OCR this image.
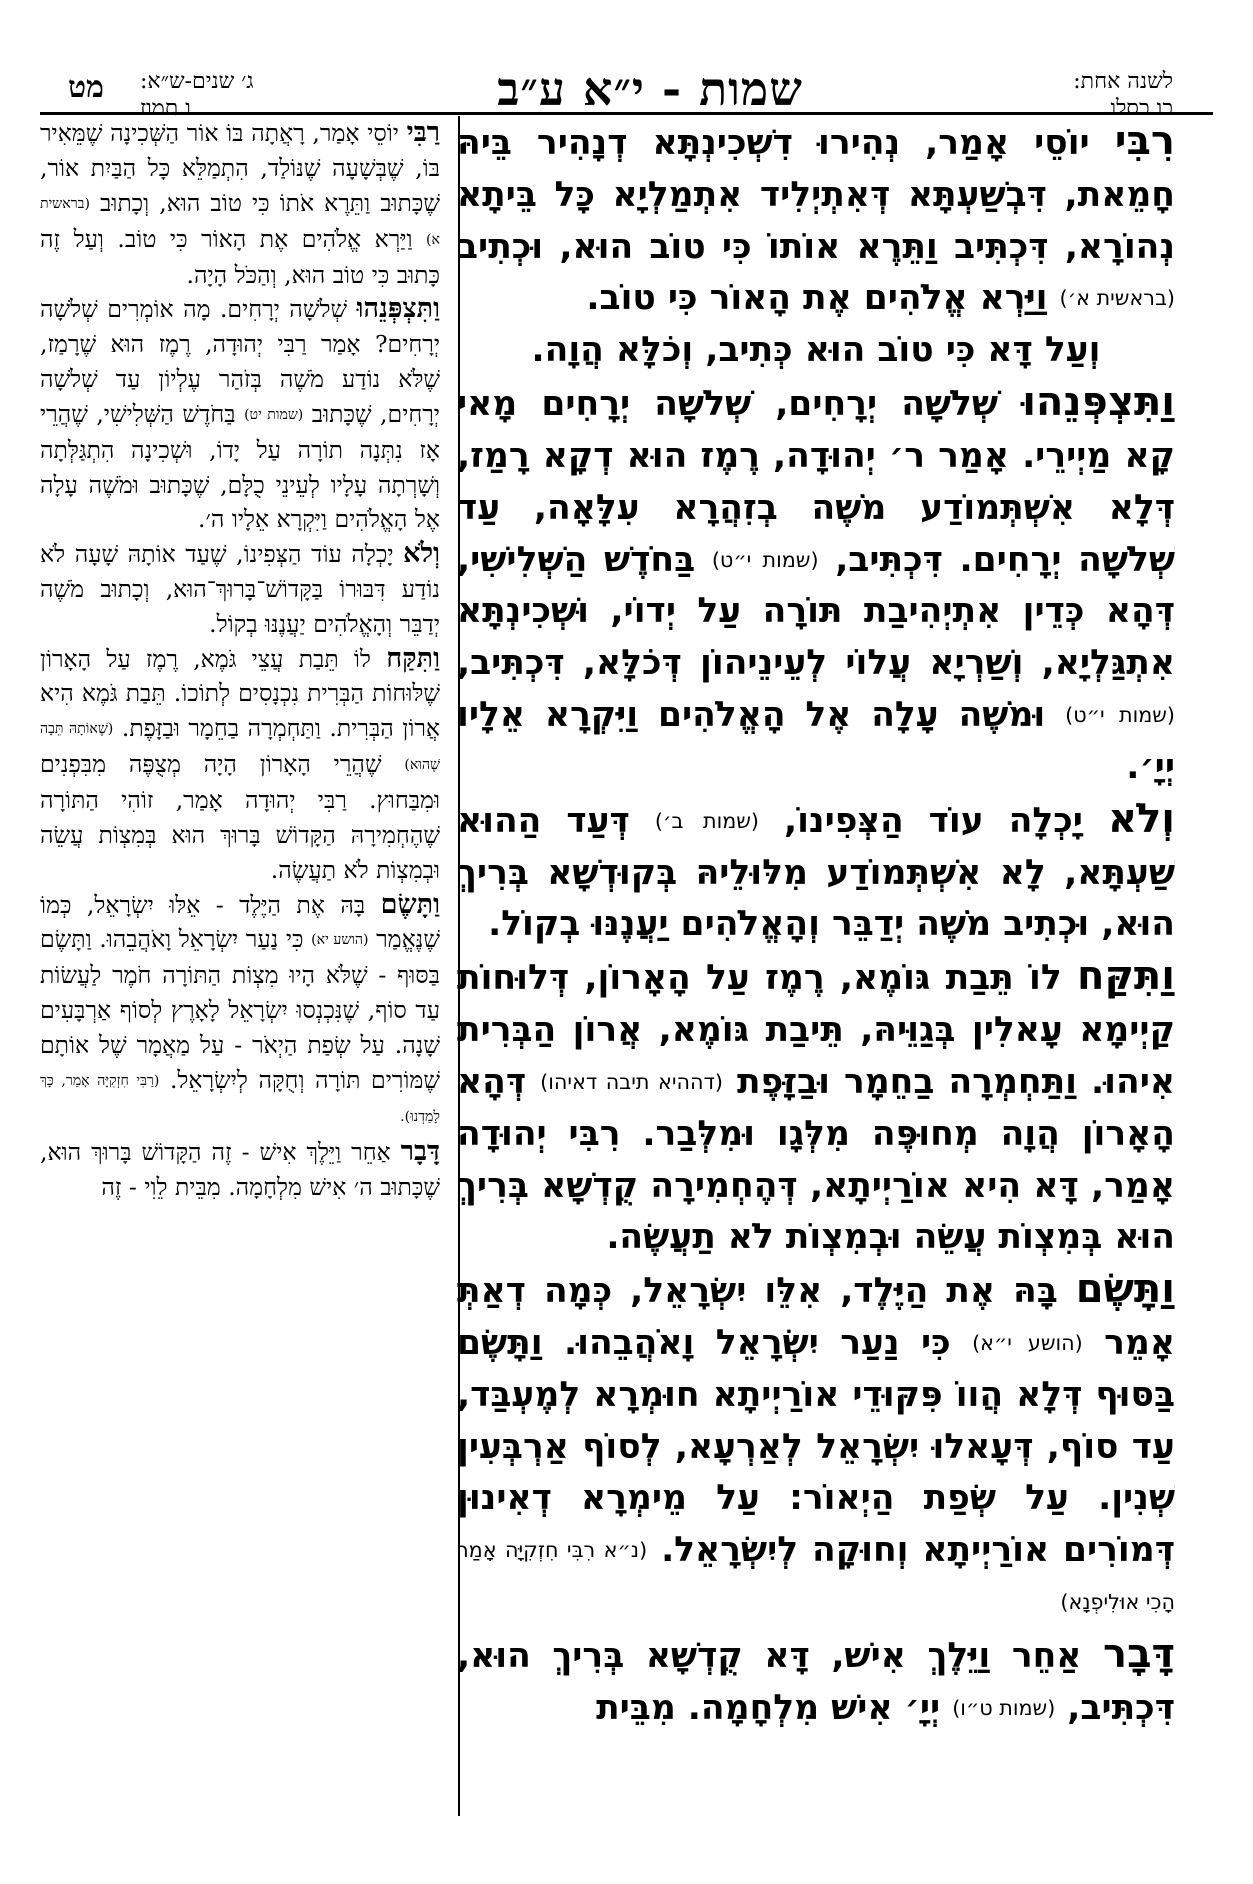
מט	ג׳ שנים-ש״א:
ו תמוז	שמות - י״א ע״ב	לשנה אחת:
כו כסלו

רִבִּי יוֹסֵי אָמַר, נְהִירוּ דִשְׁכִינְתָּא דְנָהִיר בֵּיהּ חָמֵאת, דִּבְשַׁעְתָּא דְּאִתְיְלִיד אִתְמַלְיָא כָּל בֵּיתָא נְהוֹרָא, דִּכְתִּיב וַתֵּרֶא אוֹתוֹ כִּי טוֹב הוּא, וּכְתִיב (בראשית א׳) וַיַּרְא אֱלֹהִים אֶת הָאוֹר כִּי טוֹב.

וְעַל דָּא כִּי טוֹב הוּא כְּתִיב, וְכֹלָּא הֲוָה.

וַתִּצְפְּנֵהוּ שְׁלֹשָׁה יְרָחִים, שְׁלֹשָׁה יְרָחִים מָאי קָא מַיְירֵי. אָמַר ר׳ יְהוּדָה, רֶמֶז הוּא דְקָא רָמַז, דְּלָא אִשְׁתְּמוֹדַע מֹשֶׁה בְזִהֲרָא עִלָּאָה, עַד שְׁלֹשָׁה יְרָחִים. דִּכְתִּיב, (שמות י״ט) בַּחֹדֶשׁ הַשְּׁלִישִׁי, דְּהָא כְּדֵין אִתְיְהִיבַת תּוֹרָה עַל יְדוֹי, וּשְׁכִינְתָּא אִתְגַּלְיָא, וְשַׁרְיָא עֲלוֹי לְעֵינֵיהוֹן דְּכֹלָּא, דִּכְתִּיב, (שמות י״ט) וּמֹשֶׁה עָלָה אֶל הָאֱלֹהִים וַיִּקְרָא אֵלָיו יְיָ׳.

וְלֹא יָכְלָה עוֹד הַצְּפִינוֹ, (שמות ב׳) דְּעַד הַהוּא שַׁעְתָּא, לָא אִשְׁתְּמוֹדַע מִלּוּלֵיהּ בְּקוּדְשָׁא בְּרִיךְ הוּא, וּכְתִיב מֹשֶׁה יְדַבֵּר וְהָאֱלֹהִים יַעֲנֶנּוּ בְקוֹל.

וַתִּקַּח לוֹ תֵּבַת גּוֹמֶא, רֶמֶז עַל הָאָרוֹן, דְּלוּחוֹת קַיְימָא עָאלִין בְּגַוֵּיהּ, תֵּיבַת גּוֹמֶא, אֲרוֹן הַבְּרִית אִיהוּ. וַתַּחְמְרָה בַחֵמָר וּבַזָּפֶת (דההיא תיבה דאיהו) דְּהָא הָאָרוֹן הֲוָה מְחוּפֶּה מִלְּגָו וּמִלְּבַר. רִבִּי יְהוּדָה אָמַר, דָּא הִיא אוֹרַיְיתָא, דְּהֶחְמִירָה קֻדְשָׁא בְּרִיךְ הוּא בְּמִצְוֹת עֲשֵׂה וּבְמִצְוֹת לֹא תַעֲשֶׂה.

וַתָּשֶׂם בָּהּ אֶת הַיֶּלֶד, אִלֵּו יִשְׂרָאֵל, כְּמָה דְאַתְּ אָמֵר (הושע י״א) כִּי נַעַר יִשְׂרָאֵל וָאֹהֲבֵהוּ. וַתָּשֶׂם בַּסּוּף דְּלָא הֲווֹ פִּקּוּדֵי אוֹרַיְיתָא חוּמְרָא לְמֶעְבַּד, עַד סוֹף, דְּעָאלוּ יִשְׂרָאֵל לְאַרְעָא, לְסוֹף אַרְבְּעִין שְׁנִין. עַל שְׂפַת הַיְאוֹר: עַל מֵימְרָא דְאִינוּן דְּמוֹרִים אוֹרַיְיתָא וְחוּקָה לְיִשְׂרָאֵל. (נ״א רִבִּי חִזְקִיָּה אָמַר הָכִי אוּלִיפְנָא)

דָּבָר אַחֵר וַיֵּלֶךְ אִישׁ, דָּא קֻדְשָׁא בְּרִיךְ הוּא, דִּכְתִּיב, (שמות ט״ו) יְיָ׳ אִישׁ מִלְחָמָה. מִבֵּית

רַבִּי יוֹסֵי אָמַר, רָאֲתָה בּוֹ אוֹר הַשְּׁכִינָה שֶׁמֵּאִיר בּוֹ, שֶׁבְּשָׁעָה שֶׁנּוֹלַד, הִתְמַלֵּא כָּל הַבַּיִת אוֹר, שֶׁכָּתוּב וַתֵּרֶא אֹתוֹ כִּי טוֹב הוּא, וְכָתוּב (בראשית א) וַיַּרְא אֱלֹהִים אֶת הָאוֹר כִּי טוֹב. וְעַל זֶה כָּתוּב כִּי טוֹב הוּא, וְהַכֹּל הָיָה.

וַתִּצְפְּנֵהוּ שְׁלֹשָׁה יְרָחִים. מָה אוֹמְרִים שְׁלֹשָׁה יְרָחִים? אָמַר רַבִּי יְהוּדָה, רֶמֶז הוּא שֶׁרָמַז, שֶׁלֹּא נוֹדַע מֹשֶׁה בְּזֹהַר עֶלְיוֹן עַד שְׁלֹשָׁה יְרָחִים, שֶׁכָּתוּב (שמות יט) בַּחֹדֶשׁ הַשְּׁלִישִׁי, שֶׁהֲרֵי אָז נִתְּנָה תוֹרָה עַל יָדוֹ, וּשְׁכִינָה הִתְגַּלְּתָה וְשָׁרְתָה עָלָיו לְעֵינֵי כֻלָּם, שֶׁכָּתוּב וּמֹשֶׁה עָלָה אֶל הָאֱלֹהִים וַיִּקְרָא אֵלָיו ה׳.

וְלֹא יָכְלָה עוֹד הַצְּפִינוֹ, שֶׁעַד אוֹתָהּ שָׁעָה לֹא נוֹדַע דִּבּוּרוֹ בַּקָּדוֹשׁ־בָּרוּךְ־הוּא, וְכָתוּב מֹשֶׁה יְדַבֵּר וְהָאֱלֹהִים יַעֲנֶנּוּ בְקוֹל.

וַתִּקַּח לוֹ תֵּבַת עֲצֵי גֹּמֶא, רֶמֶז עַל הָאָרוֹן שֶׁלּוּחוֹת הַבְּרִית נִכְנָסִים לְתוֹכוֹ. תֵּבַת גֹּמֶא הִיא אֲרוֹן הַבְּרִית. וַתַּחְמְרָה בַחֵמָר וּבַזָּפֶת. (שֶׁאוֹתָהּ תֵּבָה שֶׁהוּא) שֶׁהֲרֵי הָאָרוֹן הָיָה מְצֻפֶּה מִבִּפְנִים וּמִבַּחוּץ. רַבִּי יְהוּדָה אָמַר, זוֹהִי הַתּוֹרָה שֶׁהֶחְמִירָהּ הַקָּדוֹשׁ בָּרוּךְ הוּא בְּמִצְוֹת עֲשֵׂה וּבְמִצְוֹת לֹא תַעֲשֶׂה.

וַתָּשֶׂם בָּהּ אֶת הַיֶּלֶד - אֵלּוּ יִשְׂרָאֵל, כְּמוֹ שֶׁנֶּאֱמַר (הושע יא) כִּי נַעַר יִשְׂרָאֵל וָאֹהֲבֵהוּ. וַתָּשֶׂם בַּסּוּף - שֶׁלֹּא הָיוּ מִצְוֹת הַתּוֹרָה חֹמֶר לַעֲשׂוֹת עַד סוֹף, שֶׁנִּכְנְסוּ יִשְׂרָאֵל לָאָרֶץ לְסוֹף אַרְבָּעִים שָׁנָה. עַל שְׂפַת הַיְאֹר - עַל מַאֲמָר שֶׁל אוֹתָם שֶׁמּוֹרִים תּוֹרָה וְחֻקָּה לְיִשְׂרָאֵל. (רַבִּי חִזְקִיָּה אָמַר, כָּךְ לָמַדְנוּ).

דָּבָר אַחֵר וַיֵּלֶךְ אִישׁ - זֶה הַקָּדוֹשׁ בָּרוּךְ הוּא, שֶׁכָּתוּב ה׳ אִישׁ מִלְחָמָה. מִבֵּית לֵוִי - זֶה
